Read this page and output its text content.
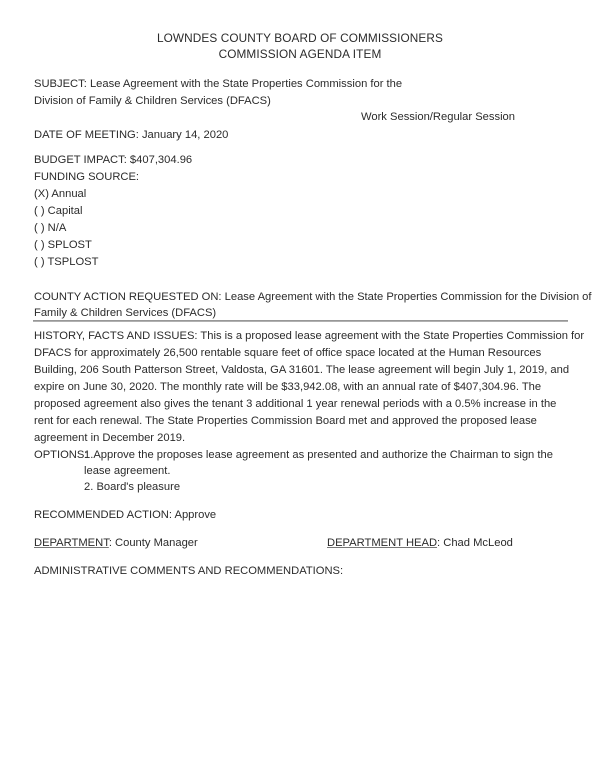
LOWNDES COUNTY BOARD OF COMMISSIONERS
COMMISSION AGENDA ITEM
SUBJECT: Lease Agreement with the State Properties Commission for the
Division of Family & Children Services (DFACS)
Work Session/Regular Session
DATE OF MEETING: January 14, 2020
BUDGET IMPACT: $407,304.96
FUNDING SOURCE:
(X) Annual
( ) Capital
( ) N/A
( ) SPLOST
( ) TSPLOST
COUNTY ACTION REQUESTED ON: Lease Agreement with the State Properties Commission for the Division of
Family & Children Services (DFACS)
HISTORY, FACTS AND ISSUES: This is a proposed lease agreement with the State Properties Commission for
DFACS for approximately 26,500 rentable square feet of office space located at the Human Resources
Building, 206 South Patterson Street, Valdosta, GA 31601. The lease agreement will begin July 1, 2019, and
expire on June 30, 2020. The monthly rate will be $33,942.08, with an annual rate of $407,304.96. The
proposed agreement also gives the tenant 3 additional 1 year renewal periods with a 0.5% increase in the
rent for each renewal. The State Properties Commission Board met and approved the proposed lease
agreement in December 2019.
OPTIONS:
1.Approve the proposes lease agreement as presented and authorize the Chairman to sign the
lease agreement.
2. Board's pleasure
RECOMMENDED ACTION: Approve
DEPARTMENT: County Manager	DEPARTMENT HEAD: Chad McLeod
ADMINISTRATIVE COMMENTS AND RECOMMENDATIONS:
